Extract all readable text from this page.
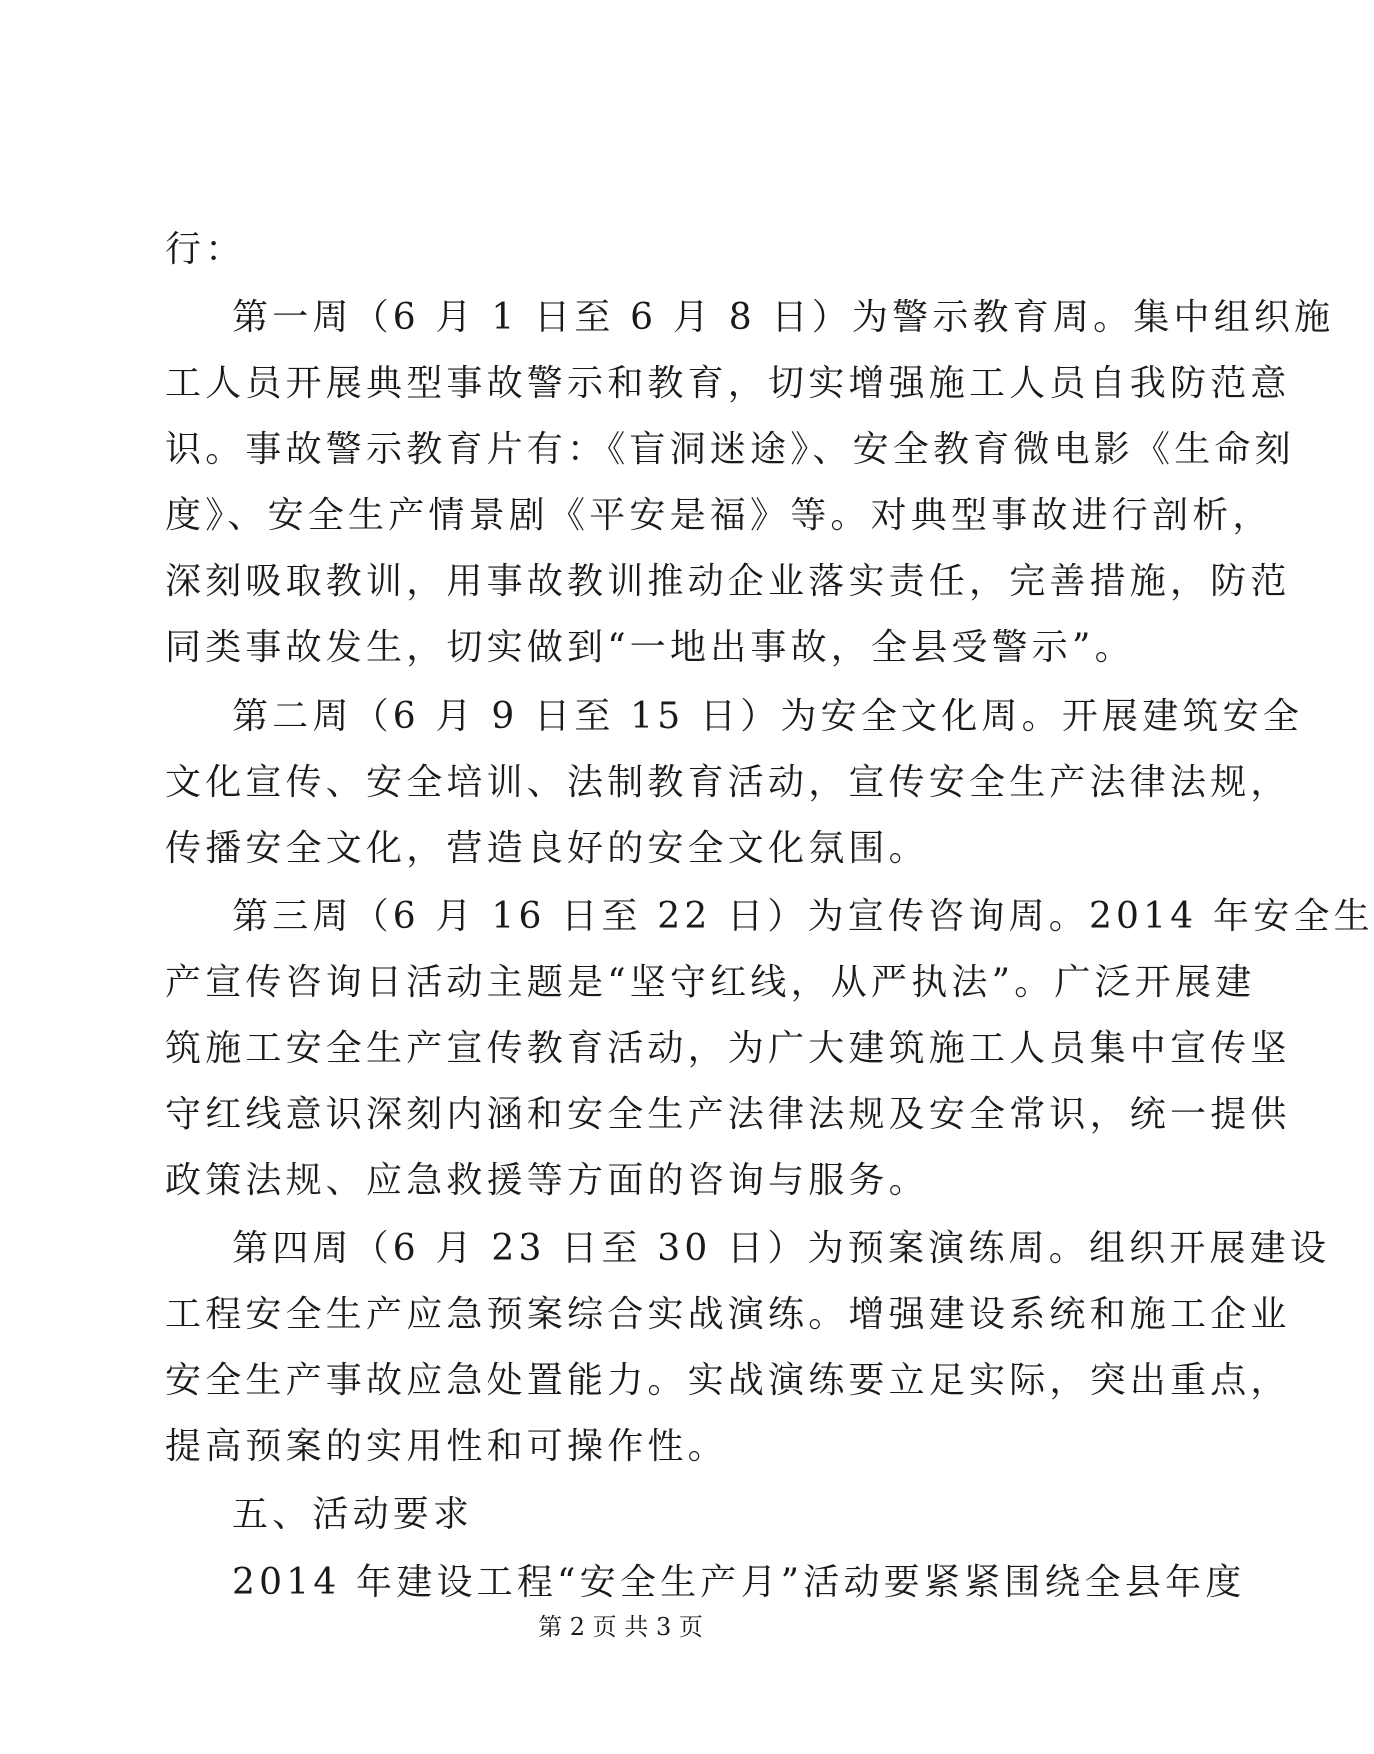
行：
第一周（6 月 1 日至 6 月 8 日）为警示教育周。集中组织施
工人员开展典型事故警示和教育，切实增强施工人员自我防范意
识。事故警示教育片有：《盲洞迷途》、安全教育微电影《生命刻
度》、安全生产情景剧《平安是福》等。对典型事故进行剖析，
深刻吸取教训，用事故教训推动企业落实责任，完善措施，防范
同类事故发生，切实做到“一地出事故，全县受警示”。
第二周（6 月 9 日至 15 日）为安全文化周。开展建筑安全
文化宣传、安全培训、法制教育活动，宣传安全生产法律法规，
传播安全文化，营造良好的安全文化氛围。
第三周（6 月 16 日至 22 日）为宣传咨询周。2014 年安全生
产宣传咨询日活动主题是“坚守红线，从严执法”。广泛开展建
筑施工安全生产宣传教育活动，为广大建筑施工人员集中宣传坚
守红线意识深刻内涵和安全生产法律法规及安全常识，统一提供
政策法规、应急救援等方面的咨询与服务。
第四周（6 月 23 日至 30 日）为预案演练周。组织开展建设
工程安全生产应急预案综合实战演练。增强建设系统和施工企业
安全生产事故应急处置能力。实战演练要立足实际，突出重点，
提高预案的实用性和可操作性。
五、活动要求
2014 年建设工程“安全生产月”活动要紧紧围绕全县年度
第 2 页 共 3 页
